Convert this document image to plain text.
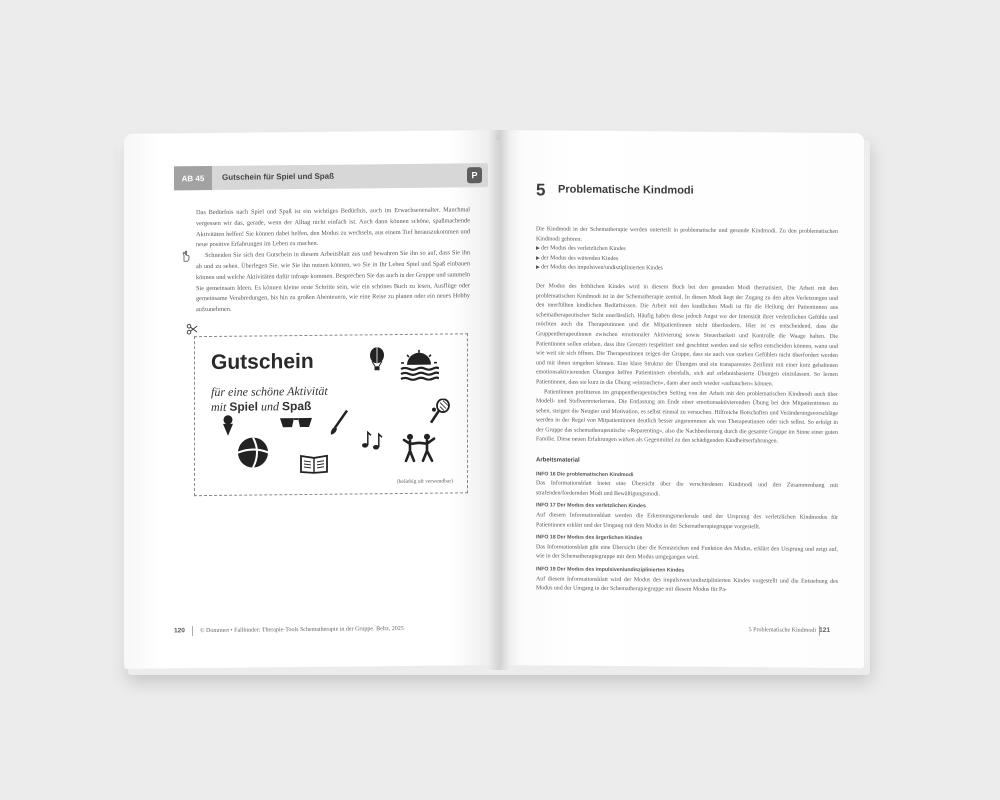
AB 45	Gutschein für Spiel und Spaß	P

Das Bedürfnis nach Spiel und Spaß ist ein wichtiges Bedürfnis, auch im Erwachsenenalter. Manchmal vergessen wir das, gerade, wenn der Alltag nicht einfach ist. Auch dann können schöne, spaßmachende Aktivitäten helfen! Sie können dabei helfen, den Modus zu wechseln, aus einem Tief herauszukommen und neue positive Erfahrungen im Leben zu machen.

Schneiden Sie sich den Gutschein in diesem Arbeitsblatt aus und bewahren Sie ihn so auf, dass Sie ihn ab und zu sehen. Überlegen Sie, wie Sie ihn nutzen können, wo Sie in Ihr Leben Spiel und Spaß einbauen können und welche Aktivitäten dafür infrage kommen. Besprechen Sie das auch in der Gruppe und sammeln Sie gemeinsam Ideen. Es können kleine erste Schritte sein, wie ein schönes Buch zu lesen, Ausflüge oder gemeinsame Verabredungen, bis hin zu großen Abenteuern, wie eine Reise zu planen oder ein neues Hobby aufzunehmen.

Gutschein
für eine schöne Aktivität
mit Spiel und Spaß
(beliebig oft verwendbar)
120	© Dommert • Fallbinder: Therapie-Tools Schematherapie in der Gruppe. Beltz, 2025
5 Problematische Kindmodi

Die Kindmodi in der Schematherapie werden unterteilt in problematische und gesunde Kindmodi. Zu den problematischen Kindmodi gehören:

▶ der Modus des verletzlichen Kindes
▶ der Modus des wütenden Kindes
▶ der Modus des impulsiven/undisziplinierten Kindes

Der Modus des fröhlichen Kindes wird in diesem Buch bei den gesunden Modi thematisiert. Die Arbeit mit den problematischen Kindmodi ist in der Schematherapie zentral. In diesen Modi liegt der Zugang zu den alten Verletzungen und den unerfüllten kindlichen Bedürfnissen. Die Arbeit mit den kindlichen Modi ist für die Heilung der Patientinnen aus schematherapeutischer Sicht unerlässlich. Häufig haben diese jedoch Angst vor der Intensität ihrer verletzlichen Gefühle und möchten auch die Therapeutinnen und die Mitpatientinnen nicht überfordern. Hier ist es entscheidend, dass die Gruppentherapeutinnen zwischen emotionaler Aktivierung sowie Steuerbarkeit und Kontrolle die Waage halten. Die Patientinnen sollen erleben, dass ihre Grenzen respektiert und geschützt werden und sie selbst entscheiden können, wann und wie weit sie sich öffnen. Die Therapeutinnen zeigen der Gruppe, dass sie auch von starken Gefühlen nicht überfordert werden und mit ihnen umgehen können. Eine klare Struktur der Übungen und ein transparentes Zeitlimit mit einer kurz gehaltenen emotionsaktivierenden Übungen helfen Patientinnen ebenfalls, sich auf erlebnisbasierte Übungen einzulassen. So lernen Patientinnen, dass sie kurz in die Übung »eintauchen«, dann aber auch wieder »auftauchen« können.

Patientinnen profitieren im gruppentherapeutischen Setting von der Arbeit mit den problematischen Kindmodi auch über Modell- und Stellvertreterlernen. Die Entlastung am Ende einer emotionsaktivierenden Übung bei den Mitpatientinnen zu sehen, steigert die Neugier und Motivation, es selbst einmal zu versuchen. Hilfreiche Botschaften und Veränderungsvorschläge werden in der Regel von Mitpatientinnen deutlich besser angenommen als von Therapeutinnen oder sich selbst. So erfolgt in der Gruppe das schematherapeutische »Reparenting«, also die Nachbeelterung durch die gesamte Gruppe im Sinne einer guten Familie. Diese neuen Erfahrungen wirken als Gegenmittel zu den schädigenden Kindheitserfahrungen.

Arbeitsmaterial
INFO 16 Die problematischen Kindmodi

Das Informationsblatt bietet eine Übersicht über die verschiedenen Kindmodi und den Zusammenhang mit strafenden/fordernden Modi und Bewältigungsmodi.

INFO 17 Der Modus des verletzlichen Kindes

Auf diesem Informationsblatt werden die Erkennungsmerkmale und der Ursprung des verletzlichen Kindmodus für Patientinnen erklärt und der Umgang mit dem Modus in der Schematherapiegruppe vorgestellt.

INFO 18 Der Modus des ärgerlichen Kindes

Das Informationsblatt gibt eine Übersicht über die Kennzeichen und Funktion des Modus, erklärt den Ursprung und zeigt auf, wie in der Schematherapiegruppe mit dem Modus umgegangen wird.

INFO 19 Der Modus des impulsiven/undisziplinierten Kindes

Auf diesem Informationsblatt wird der Modus des impulsiven/undisziplinierten Kindes vorgestellt und die Entstehung des Modus und der Umgang in der Schematherapiegruppe mit diesem Modus für Pa-

5 Problematische Kindmodi 121
